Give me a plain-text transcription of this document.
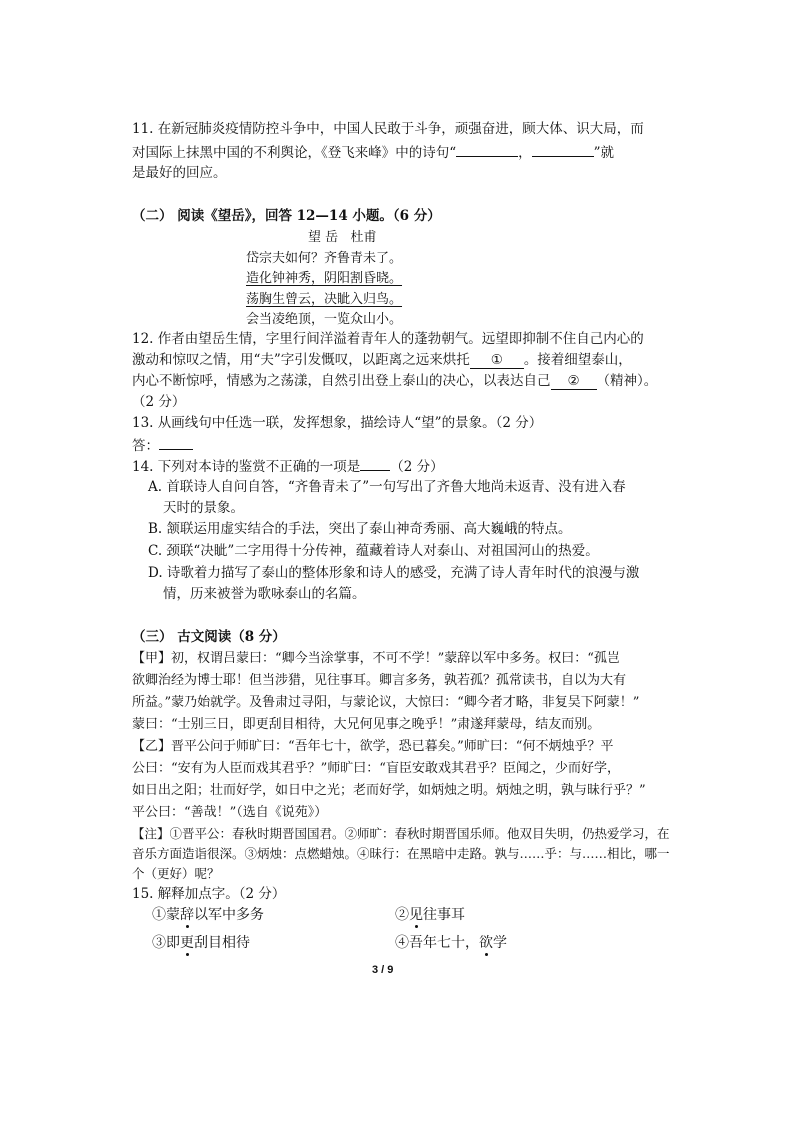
11. 在新冠肺炎疫情防控斗争中，中国人民敢于斗争，顽强奋进，顾大体、识大局，而
对国际上抹黑中国的不利舆论，《登飞来峰》中的诗句“	，	”就
是最好的回应。
（二） 阅读《望岳》，回答 12—14 小题。（6 分）
望 岳 杜甫
岱宗夫如何？齐鲁青未了。
造化钟神秀，阴阳割昏晓。
荡胸生曾云，决眦入归鸟。
会当凌绝顶，一览众山小。
12. 作者由望岳生情，字里行间洋溢着青年人的蓬勃朝气。远望即抑制不住自己内心的
激动和惊叹之情，用“夫”字引发慨叹，以距离之远来烘托 ① 。接着细望泰山，
内心不断惊呼，情感为之荡漾，自然引出登上泰山的决心，以表达自己 ② （精神）。
（2 分）
13. 从画线句中任选一联，发挥想象，描绘诗人“望”的景象。（2 分）
答：
14. 下列对本诗的鉴赏不正确的一项是 （2 分）
A. 首联诗人自问自答，“齐鲁青未了”一句写出了齐鲁大地尚未返青、没有进入春
天时的景象。
B. 颔联运用虚实结合的手法，突出了泰山神奇秀丽、高大巍峨的特点。
C. 颈联“决眦”二字用得十分传神，蕴藏着诗人对泰山、对祖国河山的热爱。
D. 诗歌着力描写了泰山的整体形象和诗人的感受，充满了诗人青年时代的浪漫与激
情，历来被誉为歌咏泰山的名篇。
（三） 古文阅读（8 分）
【甲】初，权谓吕蒙曰：“卿今当涂掌事，不可不学！”蒙辞以军中多务。权曰：“孤岂
欲卿治经为博士耶！但当涉猎，见往事耳。卿言多务，孰若孤？孤常读书，自以为大有
所益。”蒙乃始就学。及鲁肃过寻阳，与蒙论议，大惊曰：“卿今者才略，非复吴下阿蒙！”
蒙曰：“士别三日，即更刮目相待，大兄何见事之晚乎！”肃遂拜蒙母，结友而别。
【乙】晋平公问于师旷曰：“吾年七十，欲学，恐已暮矣。”师旷曰：“何不炳烛乎？平
公曰：“安有为人臣而戏其君乎？”师旷曰：“盲臣安敢戏其君乎？臣闻之，少而好学，
如日出之阳；壮而好学，如日中之光；老而好学，如炳烛之明。炳烛之明，孰与昧行乎？”
平公曰：“善哉！”（选自《说苑》）
【注】①晋平公：春秋时期晋国国君。②师旷：春秋时期晋国乐师。他双目失明，仍热爱学习，在
音乐方面造诣很深。③炳烛：点燃蜡烛。④昧行：在黑暗中走路。孰与……乎：与……相比，哪一
个（更好）呢？
15. 解释加点字。（2 分）
①蒙辞以军中多务	②见往事耳
③即更刮目相待	④吾年七十，欲学
3 / 9
